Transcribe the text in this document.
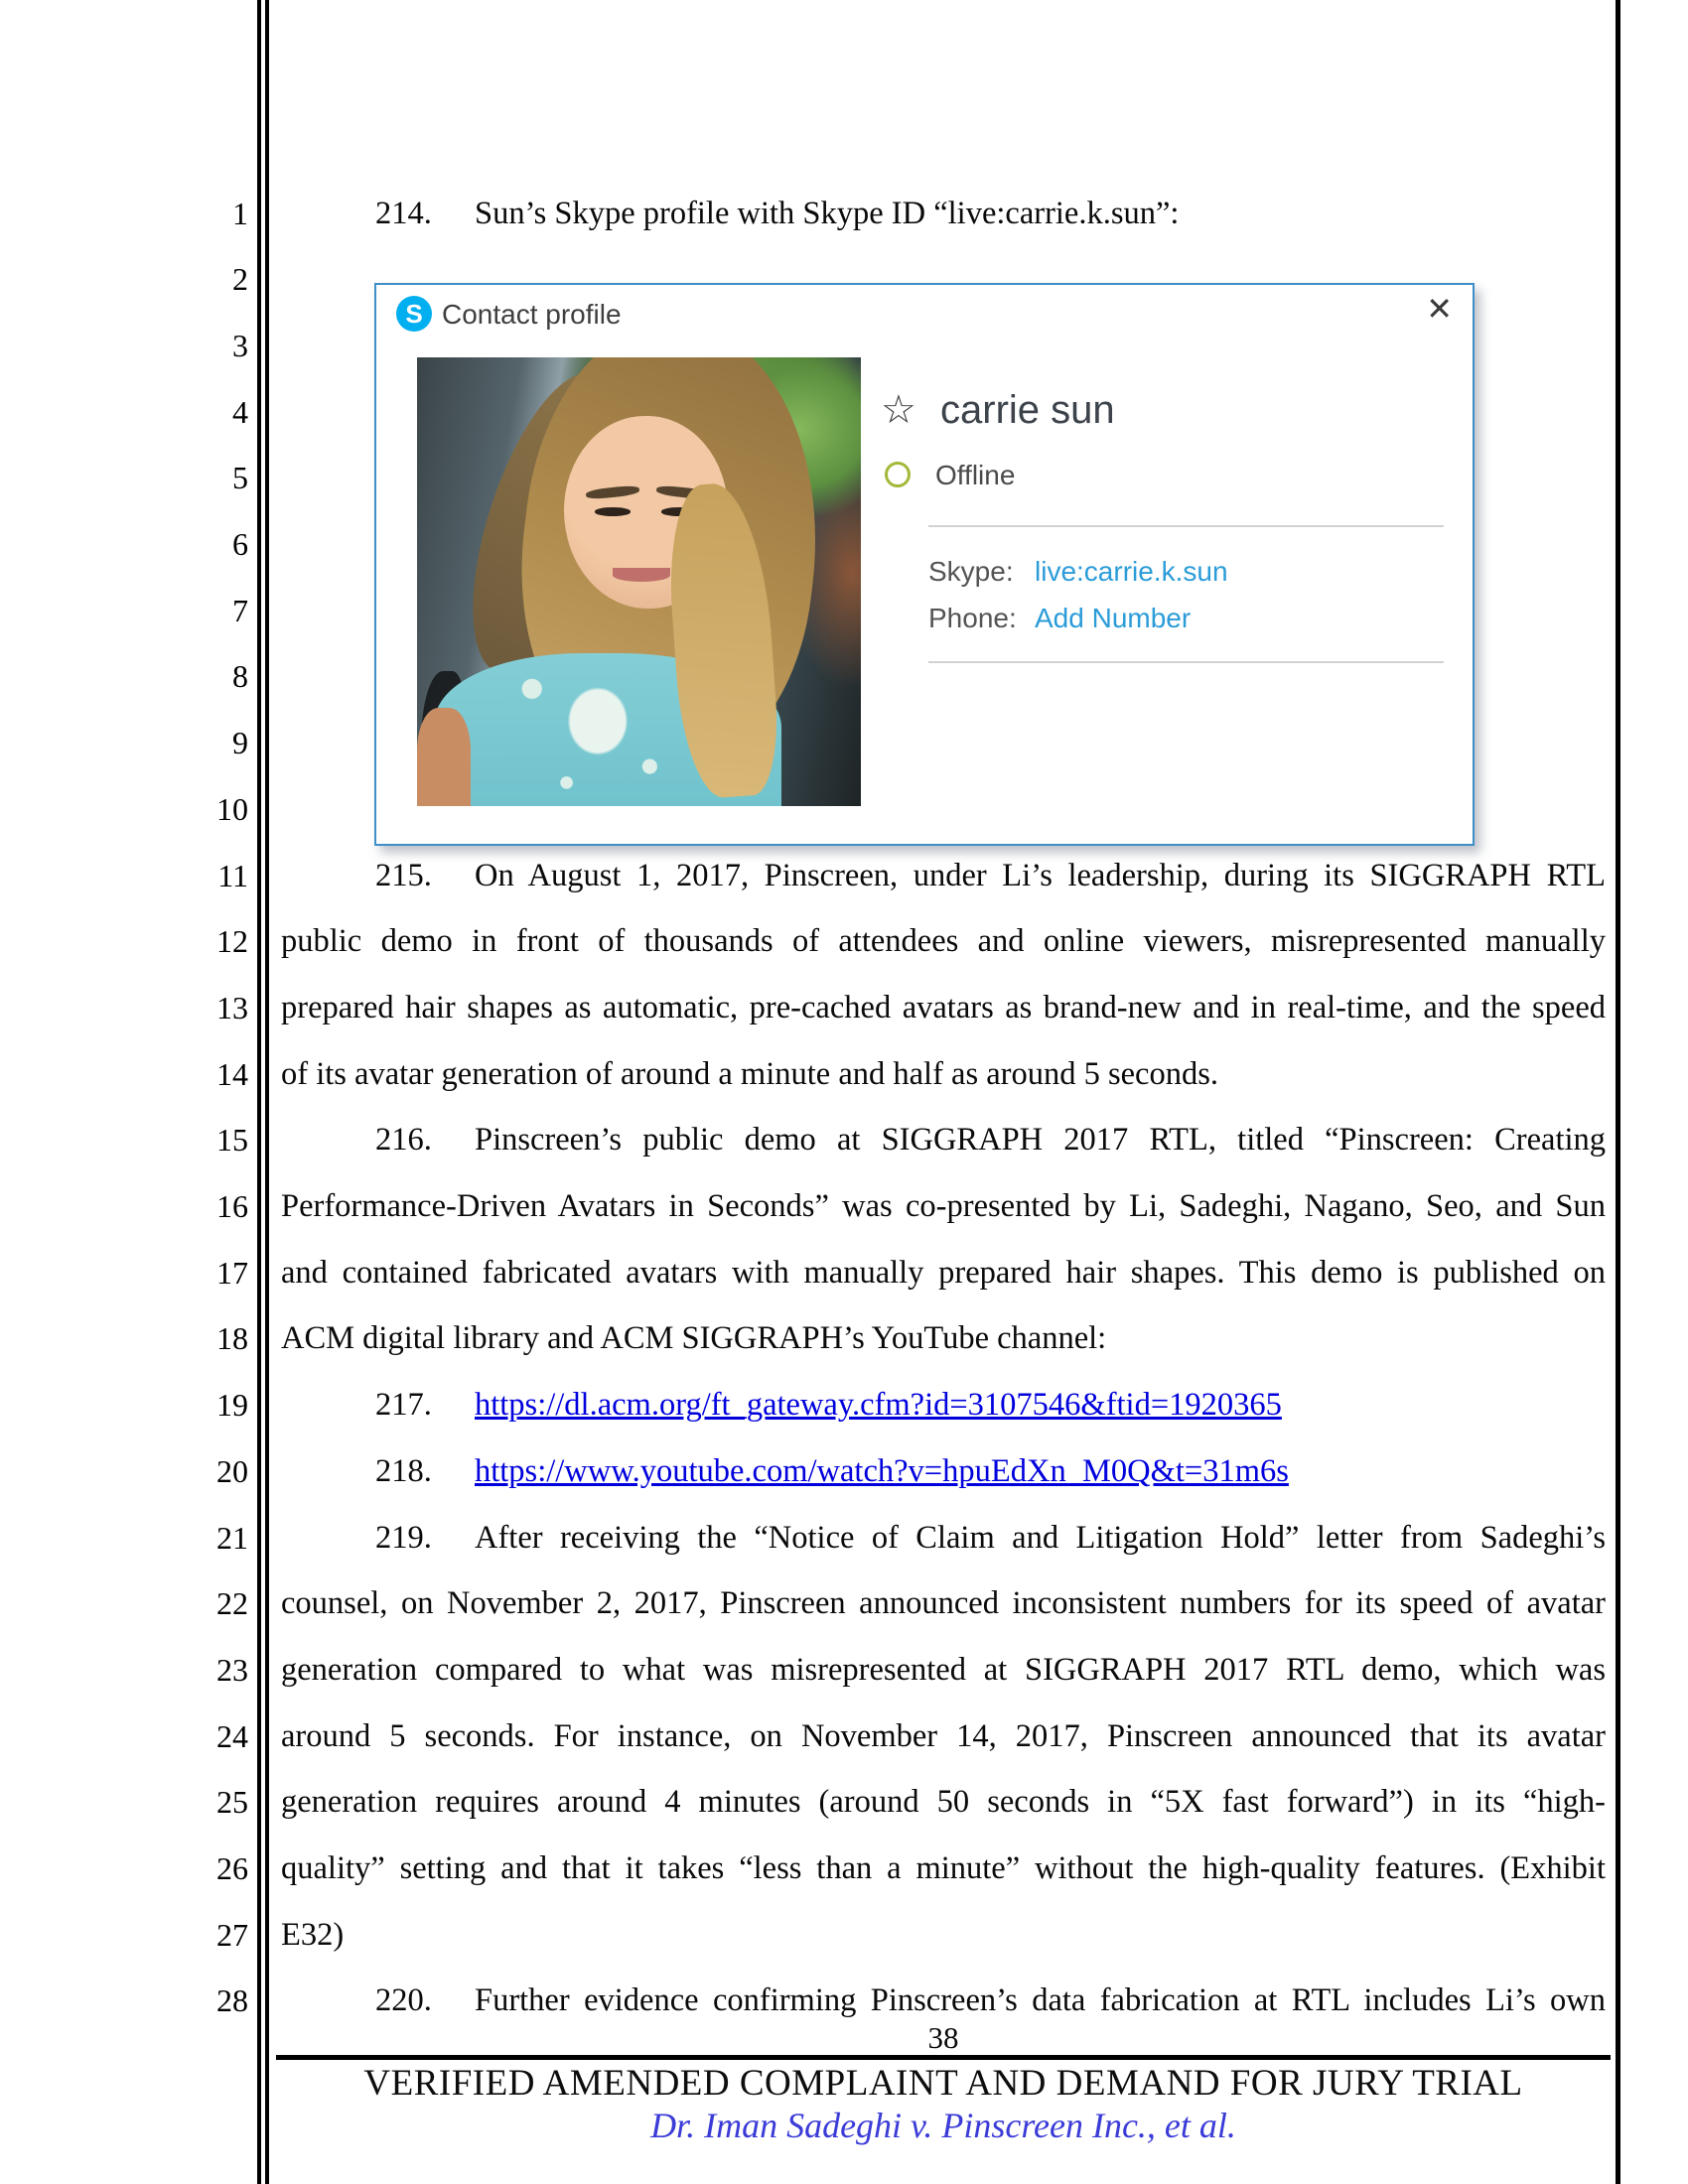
1
2
3
4
5
6
7
8
9
10
11
12
13
14
15
16
17
18
19
20
21
22
23
24
25
26
27
28
214. Sun’s Skype profile with Skype ID “live:carrie.k.sun”:
215. On August 1, 2017, Pinscreen, under Li’s leadership, during its SIGGRAPH RTL
public demo in front of thousands of attendees and online viewers, misrepresented manually
prepared hair shapes as automatic, pre-cached avatars as brand-new and in real-time, and the speed
of its avatar generation of around a minute and half as around 5 seconds.
216. Pinscreen’s public demo at SIGGRAPH 2017 RTL, titled “Pinscreen: Creating
Performance-Driven Avatars in Seconds” was co-presented by Li, Sadeghi, Nagano, Seo, and Sun
and contained fabricated avatars with manually prepared hair shapes. This demo is published on
ACM digital library and ACM SIGGRAPH’s YouTube channel:
217. https://dl.acm.org/ft_gateway.cfm?id=3107546&ftid=1920365
218. https://www.youtube.com/watch?v=hpuEdXn_M0Q&t=31m6s
219. After receiving the “Notice of Claim and Litigation Hold” letter from Sadeghi’s
counsel, on November 2, 2017, Pinscreen announced inconsistent numbers for its speed of avatar
generation compared to what was misrepresented at SIGGRAPH 2017 RTL demo, which was
around 5 seconds. For instance, on November 14, 2017, Pinscreen announced that its avatar
generation requires around 4 minutes (around 50 seconds in “5X fast forward”) in its “high-
quality” setting and that it takes “less than a minute” without the high-quality features. (Exhibit
E32)
220. Further evidence confirming Pinscreen’s data fabrication at RTL includes Li’s own
S Contact profile	✕
☆ carrie sun
Offline
Skype: live:carrie.k.sun
Phone: Add Number
38
VERIFIED AMENDED COMPLAINT AND DEMAND FOR JURY TRIAL
Dr. Iman Sadeghi v. Pinscreen Inc., et al.
